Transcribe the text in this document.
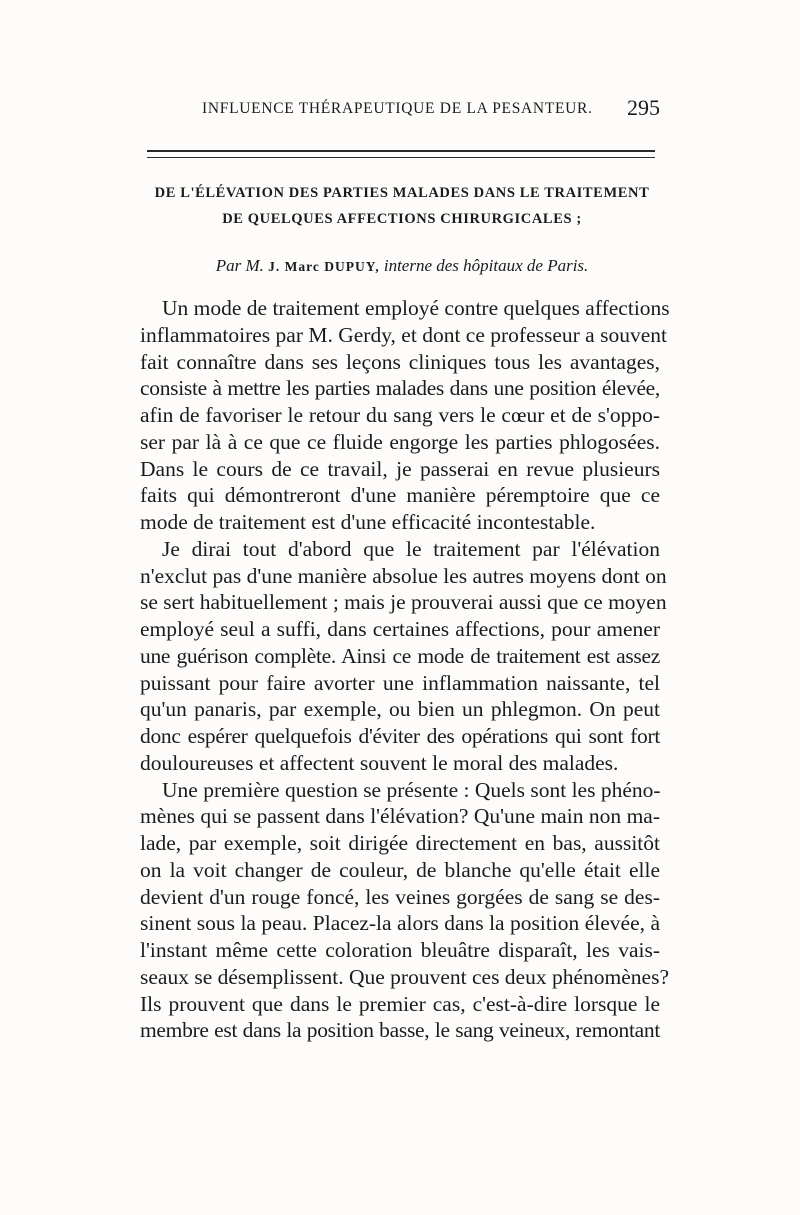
INFLUENCE THÉRAPEUTIQUE DE LA PESANTEUR. 295
DE L'ÉLÉVATION DES PARTIES MALADES DANS LE TRAITEMENT
DE QUELQUES AFFECTIONS CHIRURGICALES ;
Par M. J. Marc DUPUY, interne des hôpitaux de Paris.
Un mode de traitement employé contre quelques affections
inflammatoires par M. Gerdy, et dont ce professeur a souvent
fait connaître dans ses leçons cliniques tous les avantages,
consiste à mettre les parties malades dans une position élevée,
afin de favoriser le retour du sang vers le cœur et de s'oppo-
ser par là à ce que ce fluide engorge les parties phlogosées.
Dans le cours de ce travail, je passerai en revue plusieurs
faits qui démontreront d'une manière péremptoire que ce
mode de traitement est d'une efficacité incontestable.
Je dirai tout d'abord que le traitement par l'élévation
n'exclut pas d'une manière absolue les autres moyens dont on
se sert habituellement ; mais je prouverai aussi que ce moyen
employé seul a suffi, dans certaines affections, pour amener
une guérison complète. Ainsi ce mode de traitement est assez
puissant pour faire avorter une inflammation naissante, tel
qu'un panaris, par exemple, ou bien un phlegmon. On peut
donc espérer quelquefois d'éviter des opérations qui sont fort
douloureuses et affectent souvent le moral des malades.
Une première question se présente : Quels sont les phéno-
mènes qui se passent dans l'élévation? Qu'une main non ma-
lade, par exemple, soit dirigée directement en bas, aussitôt
on la voit changer de couleur, de blanche qu'elle était elle
devient d'un rouge foncé, les veines gorgées de sang se des-
sinent sous la peau. Placez-la alors dans la position élevée, à
l'instant même cette coloration bleuâtre disparaît, les vais-
seaux se désemplissent. Que prouvent ces deux phénomènes?
Ils prouvent que dans le premier cas, c'est-à-dire lorsque le
membre est dans la position basse, le sang veineux, remontant
